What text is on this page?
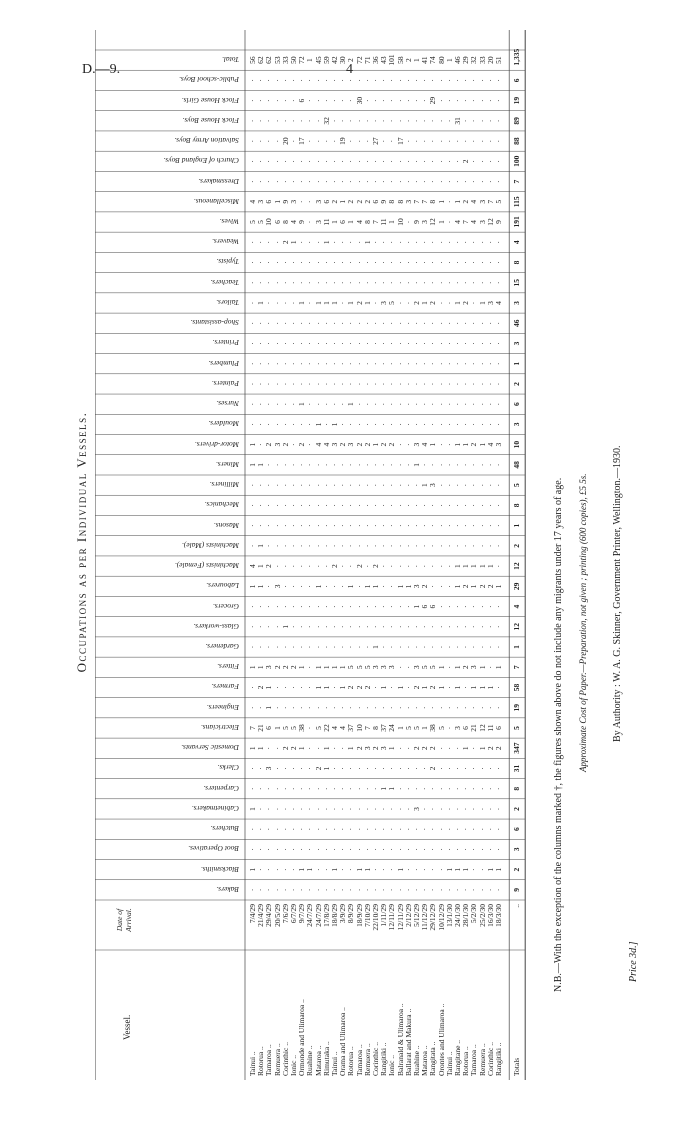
D.—9.	4
Occupations as per Individual Vessels.
Vessel.
Date of Arrival.
Bakers.
Blacksmiths.
Boot Operatives.
Butchers.
Cabinetmakers.
Carpenters.
Clerks.
Domestic Servants.
Electricians.
Engineers.
Farmers.
Fitters.
Gardeners.
Glass-workers.
Grocers.
Labourers.
Machinists (Female).
Machinists (Male).
Masons.
Mechanics.
Milliners.
Miners.
Motor-drivers.
Moulders.
Nurses.
Painters.
Plumbers.
Printers.
Shop-assistants.
Tailors.
Teachers.
Typists.
Weavers.
Wives.
Miscellaneous.
Dressmakers.
Church of England Boys.
Salvation Army Boys.
Flock House Boys.
Flock House Girls.
Public-school Boys.
Total.
Tainui ..
7/4/29
·
1
·
·
1
·
·
1
7
·
·
1
·
·
·
1
4
·
·
·
·
1
1
·
·
·
·
·
·
·
·
·
·
5
4
·
·
·
·
·
·
56
Rotorua ..
21/4/29
·
·
·
·
·
·
·
1
21
·
2
1
·
·
·
1
1
1
·
·
·
1
·
·
·
·
·
·
·
1
·
·
·
5
3
·
·
·
·
·
·
62
Tamaroa ..
29/4/29
·
·
·
·
·
·
3
·
6
1
1
3
·
·
·
·
2
·
·
·
·
·
2
·
·
·
·
·
·
·
·
·
·
10
6
·
·
·
·
·
·
62
Remuera ..
20/5/29
·
·
·
·
·
·
·
·
1
·
·
2
·
·
·
3
·
·
·
·
·
·
3
·
·
·
·
·
·
·
·
·
·
6
1
·
·
·
·
·
·
53
Corinthic ..
7/6/29
·
·
·
·
·
·
·
2
5
·
·
2
·
1
·
·
·
·
·
·
·
·
2
·
·
·
·
·
·
·
·
·
2
8
9
·
·
20
·
·
·
33
Ionic ..
6/7/29
·
·
·
·
·
·
·
2
5
·
·
2
·
·
·
·
·
·
·
·
·
·
·
·
·
·
·
·
·
·
·
·
1
4
3
·
·
·
·
·
·
50
Ormonde and Ulimaroa ..
9/7/29
·
1
·
·
·
·
·
1
38
·
·
1
·
·
·
·
·
·
·
·
·
·
2
·
1
·
·
·
·
1
·
·
·
9
·
·
·
17
·
6
·
72
Ruahine ..
24/7/29
·
1
·
·
·
·
·
·
·
·
·
·
·
·
·
·
·
·
·
·
·
·
·
·
·
·
·
·
·
·
·
·
·
·
·
·
·
·
·
·
·
1
Mataroa ..
24/7/29
·
·
·
·
·
·
2
·
5
·
1
1
·
·
·
1
·
·
·
·
·
·
4
1
·
·
·
·
·
1
·
·
·
3
3
·
·
·
·
·
·
45
Rimutaka ..
17/8/29
·
·
·
·
·
·
1
1
22
·
1
1
·
·
·
·
·
·
·
·
·
·
4
·
·
·
·
·
·
1
·
·
1
11
6
·
·
·
32
·
·
59
Tainui ..
18/8/29
·
1
·
·
·
·
·
·
4
·
·
1
·
·
·
·
2
·
·
·
·
·
3
1
·
·
·
·
·
1
·
·
·
1
2
·
·
·
·
·
·
42
Orama and Ulimaroa ..
3/9/29
·
·
·
·
·
·
·
·
4
·
1
1
·
·
·
·
·
·
·
·
·
·
2
·
·
·
·
·
·
·
·
·
·
6
1
·
·
19
·
·
·
30
Rotorua ..
8/9/29
·
·
·
·
·
·
·
1
37
·
2
5
·
·
·
1
·
·
·
·
·
·
3
·
1
·
·
·
·
1
·
·
·
1
2
·
·
·
·
·
·
2
Tamaroa ..
18/9/29
·
1
·
·
·
·
·
2
10
·
2
5
·
·
·
·
2
·
·
·
·
·
2
·
·
·
·
·
·
2
·
·
·
4
2
·
·
·
·
30
·
72
Remuera ..
7/10/29
·
1
·
·
·
·
·
3
7
·
2
5
·
·
·
1
·
·
·
·
·
·
2
·
·
·
·
·
·
1
·
·
1
8
2
·
·
·
·
·
·
71
Corinthic ..
22/10/29
·
·
·
·
·
·
·
2
8
·
·
3
1
·
·
1
2
·
·
·
·
·
1
·
·
·
·
·
·
·
·
·
·
7
6
·
·
27
·
·
·
36
Rangitiki ..
1/11/29
·
·
·
·
·
1
·
3
37
·
1
3
·
·
·
·
·
·
·
·
·
·
2
·
·
·
·
·
·
3
·
·
·
11
9
·
·
·
·
·
·
43
Ionic ..
12/11/29
·
·
·
·
·
1
·
1
24
·
·
3
·
·
·
·
·
·
·
·
·
·
2
·
·
·
·
·
·
5
·
·
·
1
8
·
·
·
·
·
·
101
Balranald & Ulimaroa ..
12/11/29
·
1
·
·
·
·
·
·
1
·
1
·
·
·
·
1
·
·
·
·
·
·
·
·
·
·
·
·
·
·
·
·
·
10
8
·
·
17
·
·
·
58
Ballarat and Makura ..
2/12/29
·
·
·
·
·
·
·
·
5
·
·
·
·
·
·
1
·
·
·
·
·
·
·
·
·
·
·
·
·
·
·
·
·
·
3
·
·
·
·
·
·
2
Ruahine ..
5/12/29
·
·
·
·
3
·
·
2
5
·
2
3
·
·
1
3
·
·
·
·
·
1
3
·
·
·
·
·
·
2
·
·
·
9
7
·
·
·
·
·
·
1
Mataroa ..
11/12/29
·
·
·
·
·
·
·
2
1
·
1
5
·
·
6
2
·
·
·
·
1
·
4
·
·
·
·
·
·
1
·
·
·
3
7
·
·
·
·
·
·
41
Rangitata ..
29/12/29
·
·
·
·
·
·
2
2
38
·
2
5
·
·
6
·
·
·
·
·
3
·
1
·
·
·
·
·
·
2
·
·
·
12
8
·
·
·
·
29
·
74
Orontes and Ulimaroa ..
10/12/29
·
·
·
·
·
·
·
·
5
·
1
1
·
·
·
·
·
·
·
·
·
·
·
·
·
·
·
·
·
·
·
·
·
1
1
·
·
·
·
·
·
80
Tainui ..
13/1/30
·
1
·
·
·
·
·
·
·
·
·
·
·
·
·
·
·
·
·
·
·
·
·
·
·
·
·
·
·
·
·
·
·
·
·
·
·
·
·
·
·
1
Rangitane ..
24/1/30
·
1
·
·
·
·
·
·
3
·
1
1
·
·
·
1
1
·
·
·
·
·
1
·
·
·
·
·
·
1
·
·
·
4
1
·
·
·
31
·
·
46
Rotorua ..
28/1/30
·
1
·
·
·
·
·
1
6
·
·
2
·
·
·
2
1
·
·
·
·
·
1
·
·
·
·
·
·
2
·
·
·
7
2
·
2
·
·
·
·
29
Tamaroa ..
5/2/30
·
·
·
·
·
·
·
·
21
·
1
3
·
·
·
1
1
·
·
·
·
·
2
·
·
·
·
·
·
·
·
·
·
4
4
·
·
·
·
·
·
32
Remuera ..
25/2/30
·
·
·
·
·
·
·
1
12
·
1
1
·
·
·
2
1
·
·
·
·
·
1
·
·
·
·
·
·
1
·
·
·
3
3
·
·
·
·
·
·
33
Corinthic ..
16/3/30
·
1
·
·
·
·
·
2
11
·
1
·
·
·
·
2
1
·
·
·
·
·
4
·
·
·
·
·
·
3
·
·
·
12
7
·
·
·
·
·
·
20
Rangitiki ..
18/3/30
·
1
·
·
·
·
·
2
6
·
·
1
·
·
·
1
·
·
·
·
·
·
3
·
·
·
·
·
·
4
·
·
·
9
5
·
·
·
·
·
·
51
Totals
..
9
2
3
6
2
8
31
347
5
19
58
7
1
12
4
29
12
2
1
8
5
48
10
3
6
2
1
3
46
3
15
8
4
191
115
7
100
88
89
19
6
1,335
N.B.—With the exception of the columns marked †, the figures shown above do not include any migrants under 17 years of age. Approximate Cost of Paper.—Preparation, not given ; printing (600 copies), £5 5s. By Authority : W. A. G. Skinner, Government Printer, Wellington.—1930.
Price 3d.]
